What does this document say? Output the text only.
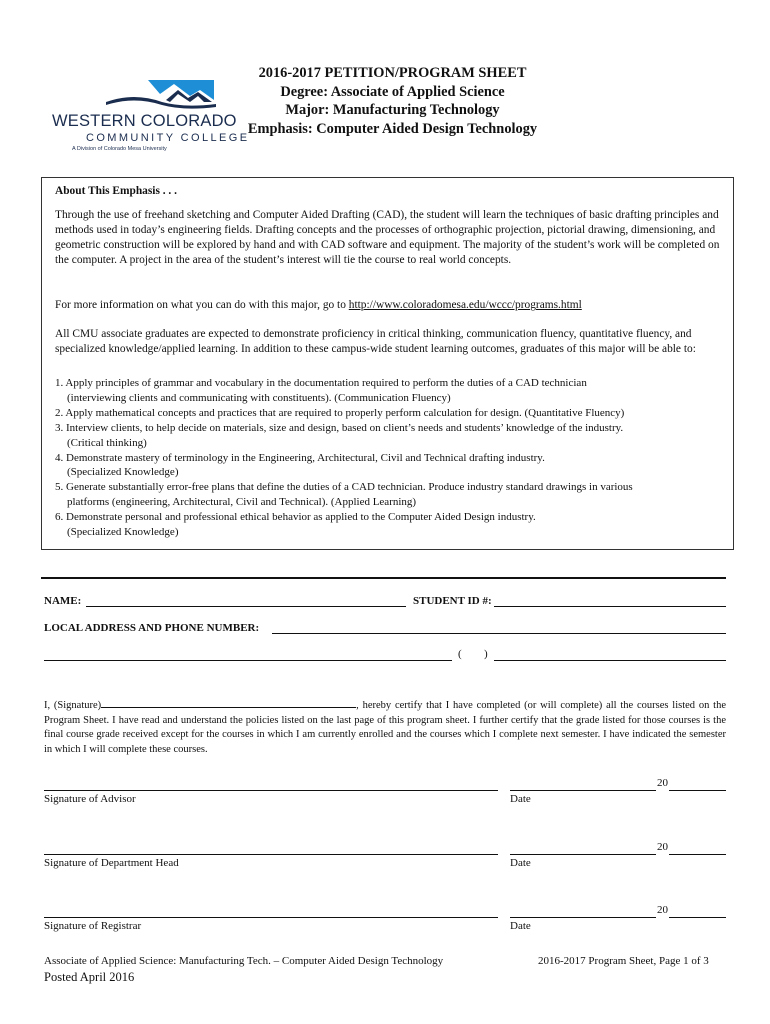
WESTERN COLORADO
COMMUNITY COLLEGE
A Division of Colorado Mesa University
2016-2017 PETITION/PROGRAM SHEET
Degree: Associate of Applied Science
Major: Manufacturing Technology
Emphasis: Computer Aided Design Technology
About This Emphasis . . .

Through the use of freehand sketching and Computer Aided Drafting (CAD), the student will learn the techniques of basic drafting principles and methods used in today’s engineering fields. Drafting concepts and the processes of orthographic projection, pictorial drawing, dimensioning, and geometric construction will be explored by hand and with CAD software and equipment. The majority of the student’s work will be completed on the computer. A project in the area of the student’s interest will tie the course to real world concepts.

For more information on what you can do with this major, go to http://www.coloradomesa.edu/wccc/programs.html

All CMU associate graduates are expected to demonstrate proficiency in critical thinking, communication fluency, quantitative fluency, and specialized knowledge/applied learning. In addition to these campus-wide student learning outcomes, graduates of this major will be able to:

1. Apply principles of grammar and vocabulary in the documentation required to perform the duties of a CAD technician
(interviewing clients and communicating with constituents). (Communication Fluency)
2. Apply mathematical concepts and practices that are required to properly perform calculation for design. (Quantitative Fluency)
3. Interview clients, to help decide on materials, size and design, based on client’s needs and students’ knowledge of the industry.
(Critical thinking)
4. Demonstrate mastery of terminology in the Engineering, Architectural, Civil and Technical drafting industry.
(Specialized Knowledge)
5. Generate substantially error-free plans that define the duties of a CAD technician. Produce industry standard drawings in various
platforms (engineering, Architectural, Civil and Technical). (Applied Learning)
6. Demonstrate personal and professional ethical behavior as applied to the Computer Aided Design industry.
(Specialized Knowledge)
NAME:	STUDENT ID #:
LOCAL ADDRESS AND PHONE NUMBER:
( )
I, (Signature)	, hereby certify that I have completed (or will complete) all the courses listed on the Program Sheet. I have read and understand the policies listed on the last page of this program sheet. I further certify that the grade listed for those courses is the final course grade received except for the courses in which I am currently enrolled and the courses which I complete next semester. I have indicated the semester in which I will complete these courses.
Signature of Advisor
20
Date
Signature of Department Head
20
Date
Signature of Registrar
20
Date
Associate of Applied Science: Manufacturing Tech. – Computer Aided Design Technology	2016-2017 Program Sheet, Page 1 of 3
Posted April 2016
